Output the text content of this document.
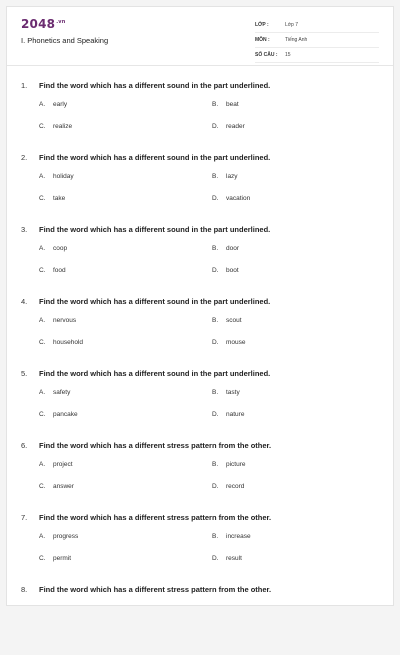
$2048^{.vn}$
I. Phonetics and Speaking
LỚP :	Lớp 7
MÔN :	Tiếng Anh
SỐ CÂU :	15
1.	Find the word which has a different sound in the part underlined.
A.	early	B.	beat
C.	realize	D.	reader
2.	Find the word which has a different sound in the part underlined.
A.	holiday	B.	lazy
C.	take	D.	vacation
3.	Find the word which has a different sound in the part underlined.
A.	coop	B.	door
C.	food	D.	boot
4.	Find the word which has a different sound in the part underlined.
A.	nervous	B.	scout
C.	household	D.	mouse
5.	Find the word which has a different sound in the part underlined.
A.	safety	B.	tasty
C.	pancake	D.	nature
6.	Find the word which has a different stress pattern from the other.
A.	project	B.	picture
C.	answer	D.	record
7.	Find the word which has a different stress pattern from the other.
A.	progress	B.	increase
C.	permit	D.	result
8.	Find the word which has a different stress pattern from the other.
